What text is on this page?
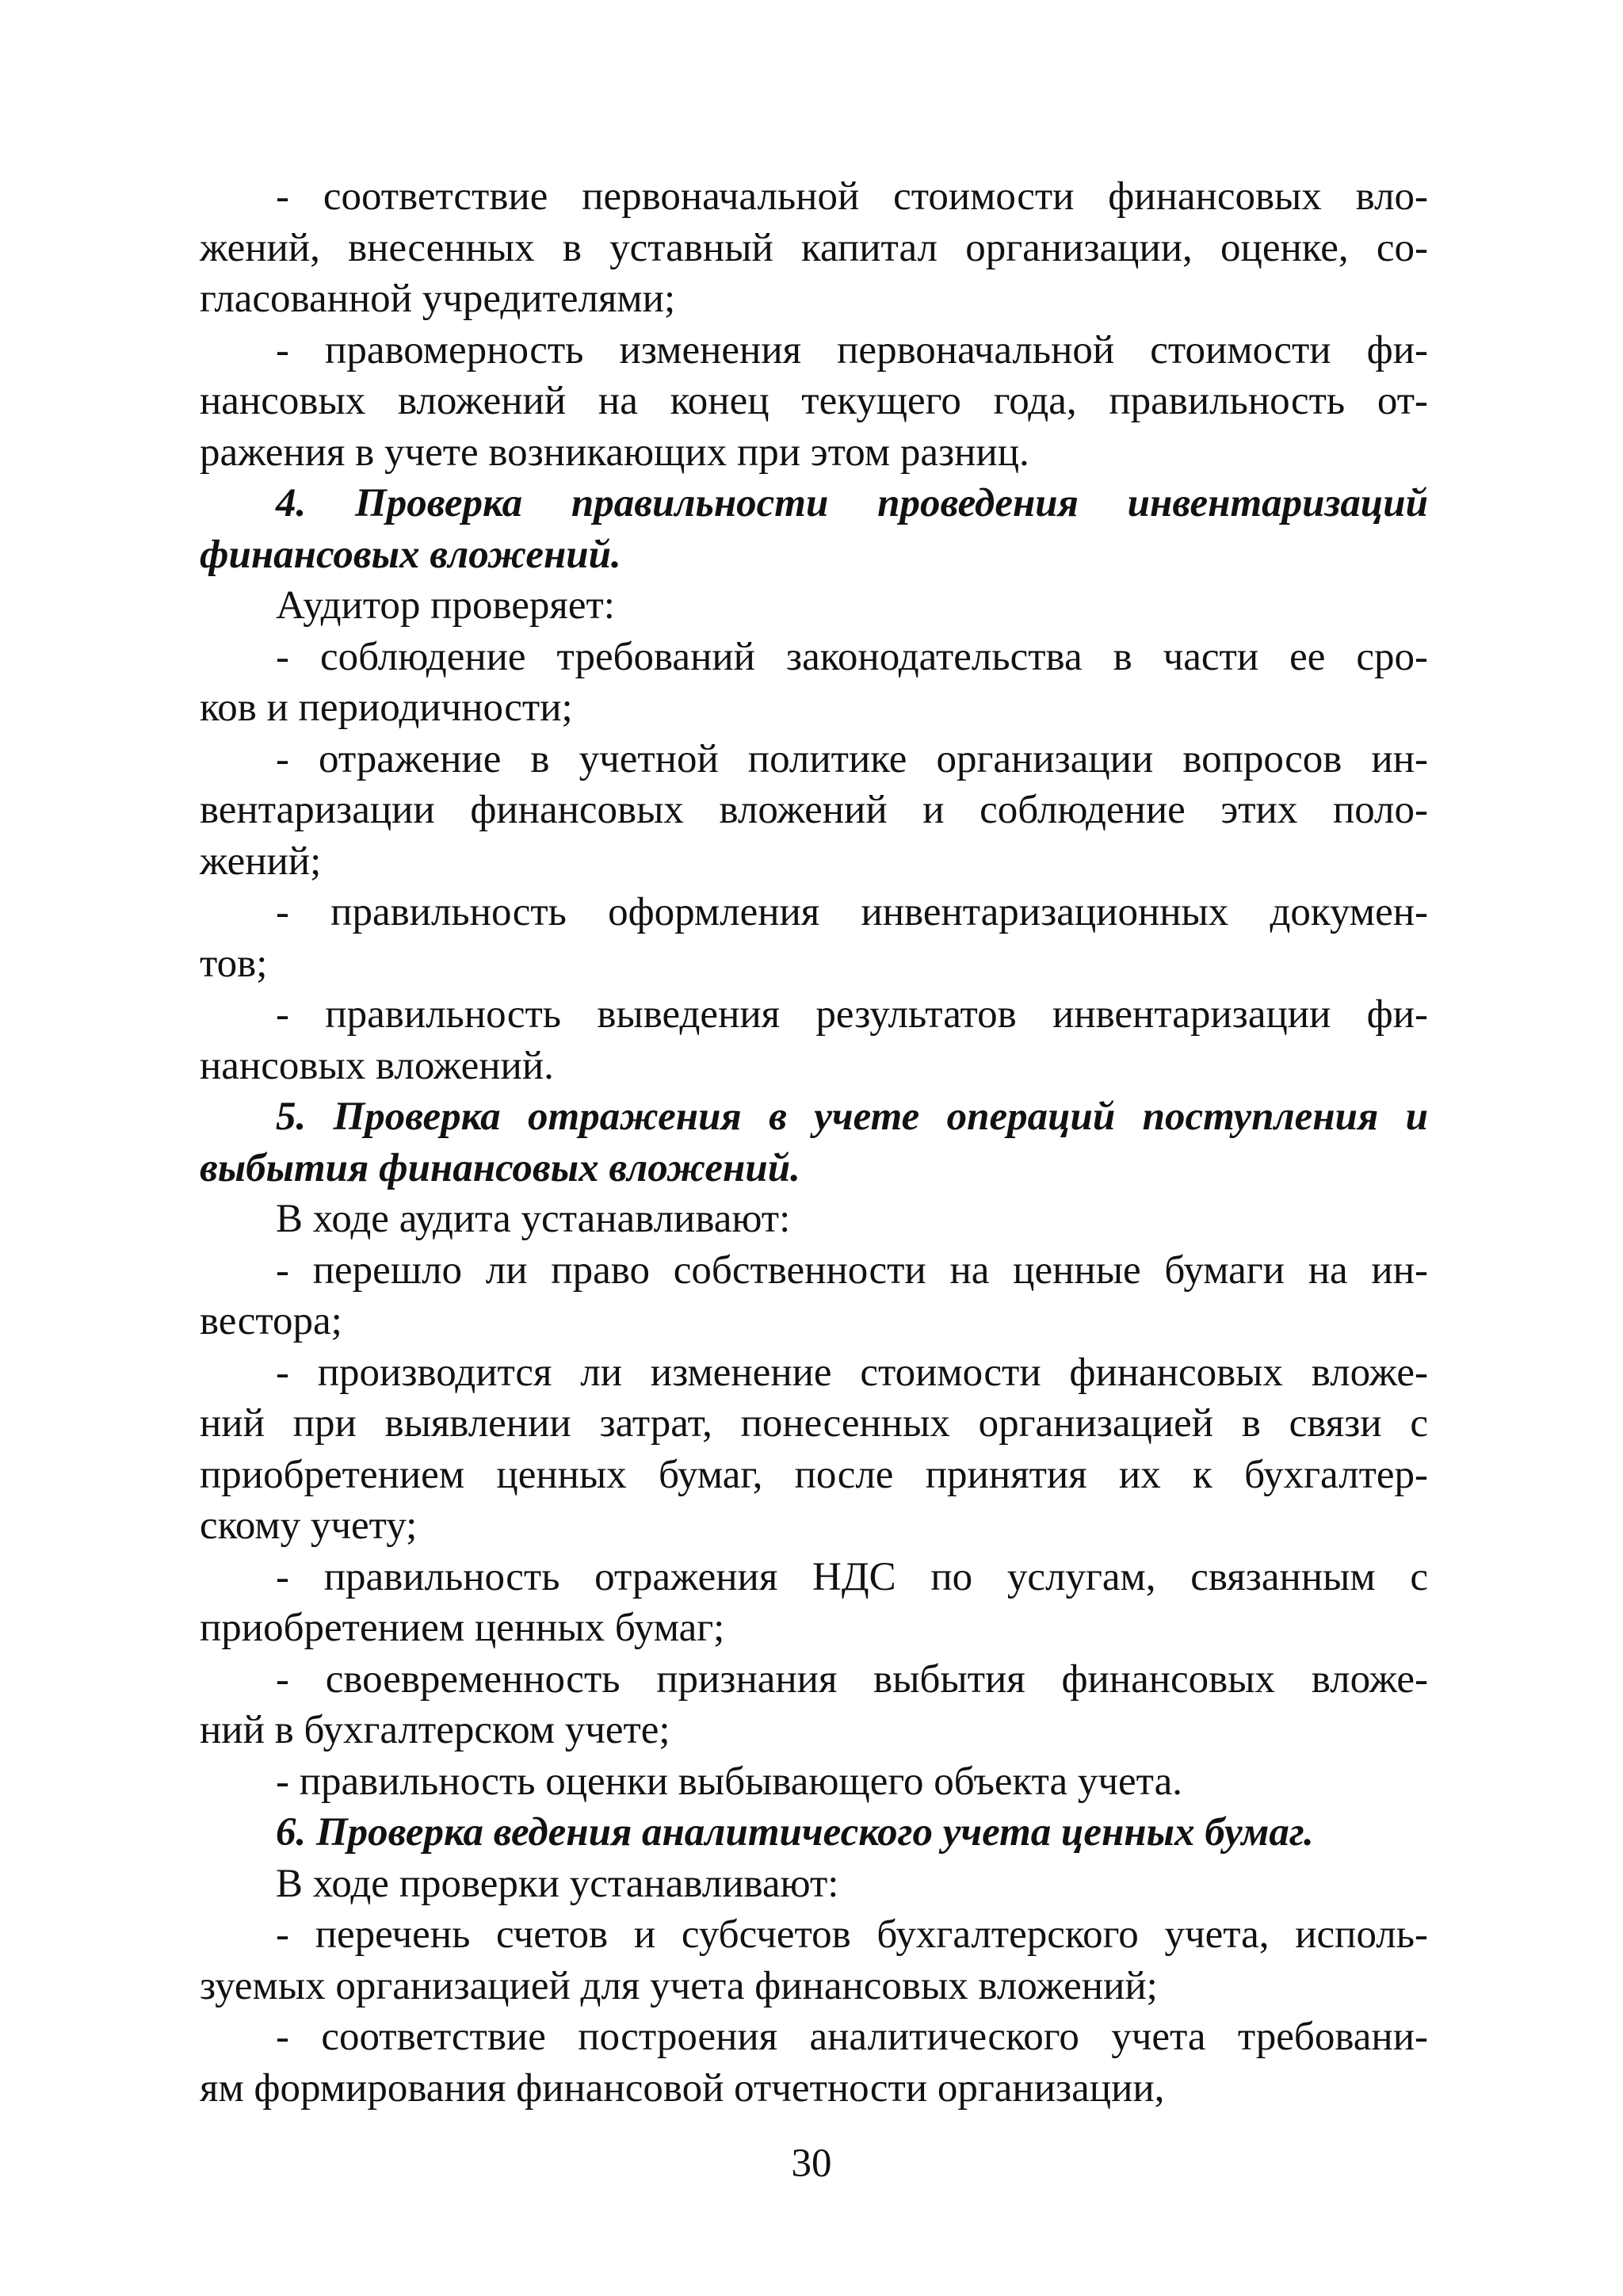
- соответствие первоначальной стоимости финансовых вло-
жений, внесенных в уставный капитал организации, оценке, со-
гласованной учредителями;
- правомерность изменения первоначальной стоимости фи-
нансовых вложений на конец текущего года, правильность от-
ражения в учете возникающих при этом разниц.
4. Проверка правильности проведения инвентаризаций
финансовых вложений.
Аудитор проверяет:
- соблюдение требований законодательства в части ее сро-
ков и периодичности;
- отражение в учетной политике организации вопросов ин-
вентаризации финансовых вложений и соблюдение этих поло-
жений;
- правильность оформления инвентаризационных докумен-
тов;
- правильность выведения результатов инвентаризации фи-
нансовых вложений.
5. Проверка отражения в учете операций поступления и
выбытия финансовых вложений.
В ходе аудита устанавливают:
- перешло ли право собственности на ценные бумаги на ин-
вестора;
- производится ли изменение стоимости финансовых вложе-
ний при выявлении затрат, понесенных организацией в связи с
приобретением ценных бумаг, после принятия их к бухгалтер-
скому учету;
- правильность отражения НДС по услугам, связанным с
приобретением ценных бумаг;
- своевременность признания выбытия финансовых вложе-
ний в бухгалтерском учете;
- правильность оценки выбывающего объекта учета.
6. Проверка ведения аналитического учета ценных бумаг.
В ходе проверки устанавливают:
- перечень счетов и субсчетов бухгалтерского учета, исполь-
зуемых организацией для учета финансовых вложений;
- соответствие построения аналитического учета требовани-
ям формирования финансовой отчетности организации,
30
